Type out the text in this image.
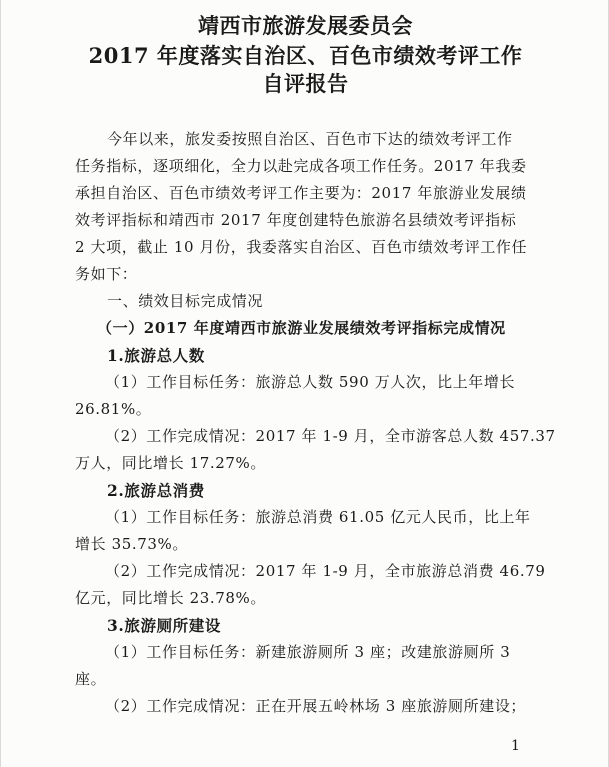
靖西市旅游发展委员会
2017 年度落实自治区、百色市绩效考评工作
自评报告
今年以来，旅发委按照自治区、百色市下达的绩效考评工作
任务指标，逐项细化，全力以赴完成各项工作任务。2017 年我委
承担自治区、百色市绩效考评工作主要为：2017 年旅游业发展绩
效考评指标和靖西市 2017 年度创建特色旅游名县绩效考评指标
2 大项，截止 10 月份，我委落实自治区、百色市绩效考评工作任
务如下：
一、绩效目标完成情况
（一）2017 年度靖西市旅游业发展绩效考评指标完成情况
1.旅游总人数
（1）工作目标任务：旅游总人数 590 万人次，比上年增长
26.81%。
（2）工作完成情况：2017 年 1-9 月，全市游客总人数 457.37
万人，同比增长 17.27%。
2.旅游总消费
（1）工作目标任务：旅游总消费 61.05 亿元人民币，比上年
增长 35.73%。
（2）工作完成情况：2017 年 1-9 月，全市旅游总消费 46.79
亿元，同比增长 23.78%。
3.旅游厕所建设
（1）工作目标任务：新建旅游厕所 3 座；改建旅游厕所 3
座。
（2）工作完成情况：正在开展五岭林场 3 座旅游厕所建设；
1
